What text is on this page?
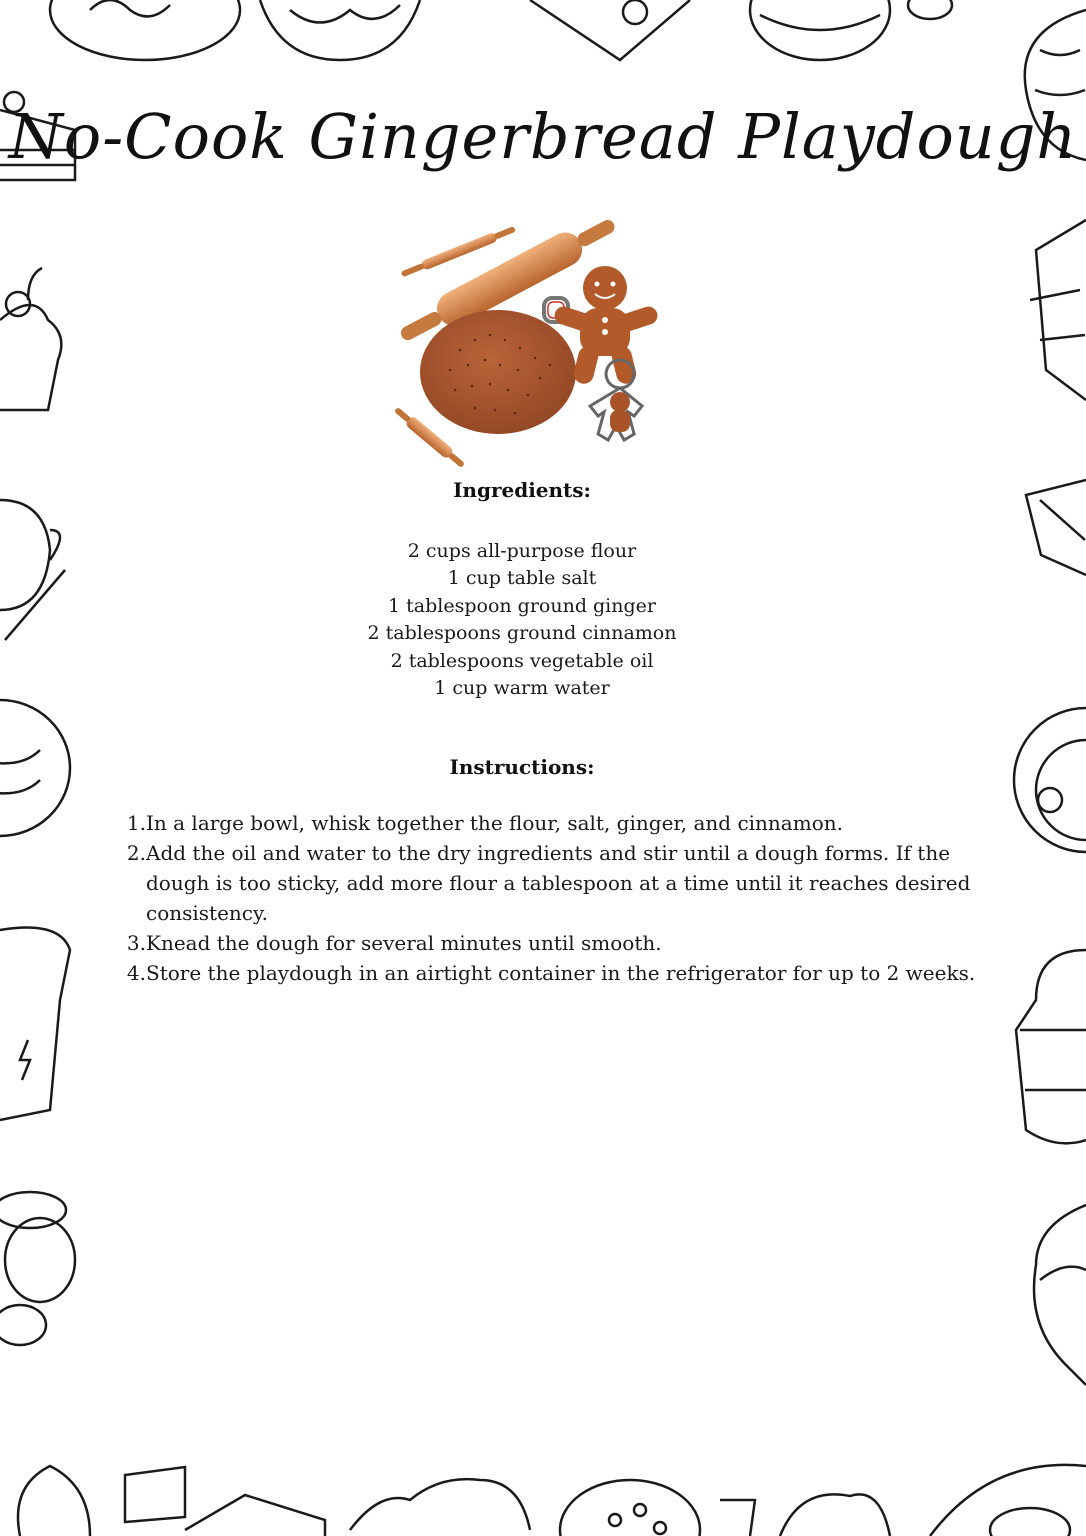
No-Cook Gingerbread Playdough
Ingredients:
2 cups all-purpose flour
1 cup table salt
1 tablespoon ground ginger
2 tablespoons ground cinnamon
2 tablespoons vegetable oil
1 cup warm water
Instructions:
1. In a large bowl, whisk together the flour, salt, ginger, and cinnamon.
2. Add the oil and water to the dry ingredients and stir until a dough forms. If the dough is too sticky, add more flour a tablespoon at a time until it reaches desired consistency.
3. Knead the dough for several minutes until smooth.
4. Store the playdough in an airtight container in the refrigerator for up to 2 weeks.
